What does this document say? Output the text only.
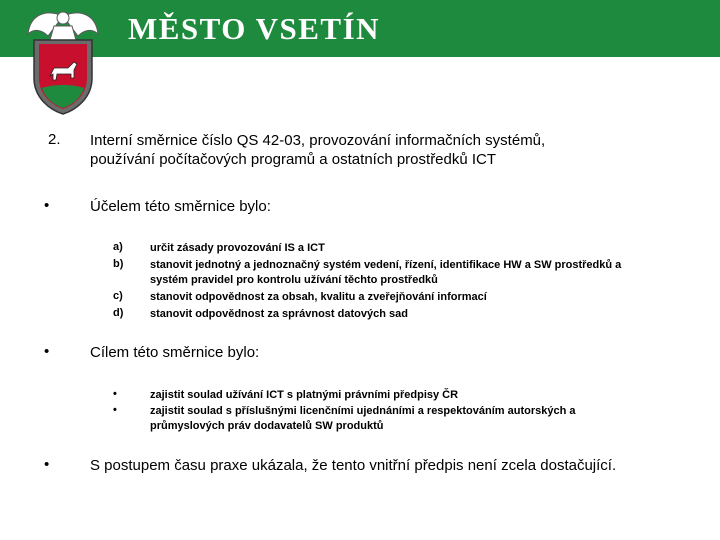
MĚSTO VSETÍN
2. Interní směrnice číslo QS 42-03, provozování informačních systémů,
používání počítačových programů a ostatních prostředků ICT
•	Účelem této směrnice bylo:
a) určit zásady provozování IS a ICT
b) stanovit jednotný a jednoznačný systém vedení, řízení, identifikace HW a SW prostředků a
systém pravidel pro kontrolu užívání těchto prostředků
c) stanovit odpovědnost za obsah, kvalitu a zveřejňování informací
d) stanovit odpovědnost za správnost datových sad
•	Cílem této směrnice bylo:
•	zajistit soulad užívání ICT s platnými právními předpisy ČR
•	zajistit soulad s příslušnými licenčními ujednáními a respektováním autorských a
průmyslových práv dodavatelů SW produktů
•	S postupem času praxe ukázala, že tento vnitřní předpis není zcela dostačující.
